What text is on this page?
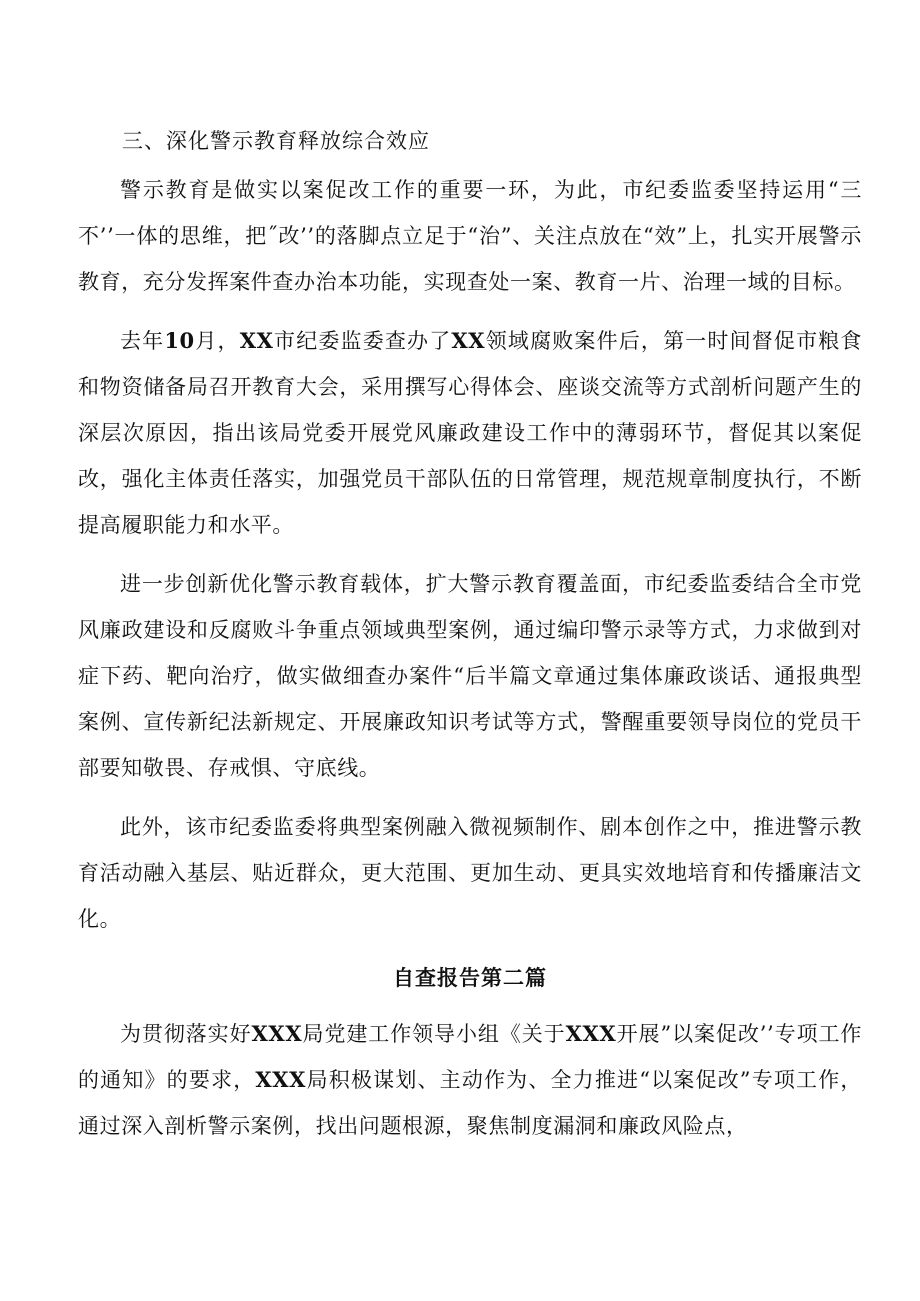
三、深化警示教育释放综合效应

警示教育是做实以案促改工作的重要一环，为此，市纪委监委坚持运用“三不’’一体的思维，把˝改’’的落脚点立足于“治”、关注点放在“效”上，扎实开展警示教育，充分发挥案件查办治本功能，实现查处一案、教育一片、治理一域的目标。

去年10月，XX市纪委监委查办了XX领域腐败案件后，第一时间督促市粮食和物资储备局召开教育大会，采用撰写心得体会、座谈交流等方式剖析问题产生的深层次原因，指出该局党委开展党风廉政建设工作中的薄弱环节，督促其以案促改，强化主体责任落实，加强党员干部队伍的日常管理，规范规章制度执行，不断提高履职能力和水平。

进一步创新优化警示教育载体，扩大警示教育覆盖面，市纪委监委结合全市党风廉政建设和反腐败斗争重点领域典型案例，通过编印警示录等方式，力求做到对症下药、靶向治疗，做实做细查办案件“后半篇文章通过集体廉政谈话、通报典型案例、宣传新纪法新规定、开展廉政知识考试等方式，警醒重要领导岗位的党员干部要知敬畏、存戒惧、守底线。

此外，该市纪委监委将典型案例融入微视频制作、剧本创作之中，推进警示教育活动融入基层、贴近群众，更大范围、更加生动、更具实效地培育和传播廉洁文化。

自查报告第二篇

为贯彻落实好XXX局党建工作领导小组《关于XXX开展”以案促改’’专项工作的通知》的要求，XXX局积极谋划、主动作为、全力推进“以案促改”专项工作，通过深入剖析警示案例，找出问题根源，聚焦制度漏洞和廉政风险点，
